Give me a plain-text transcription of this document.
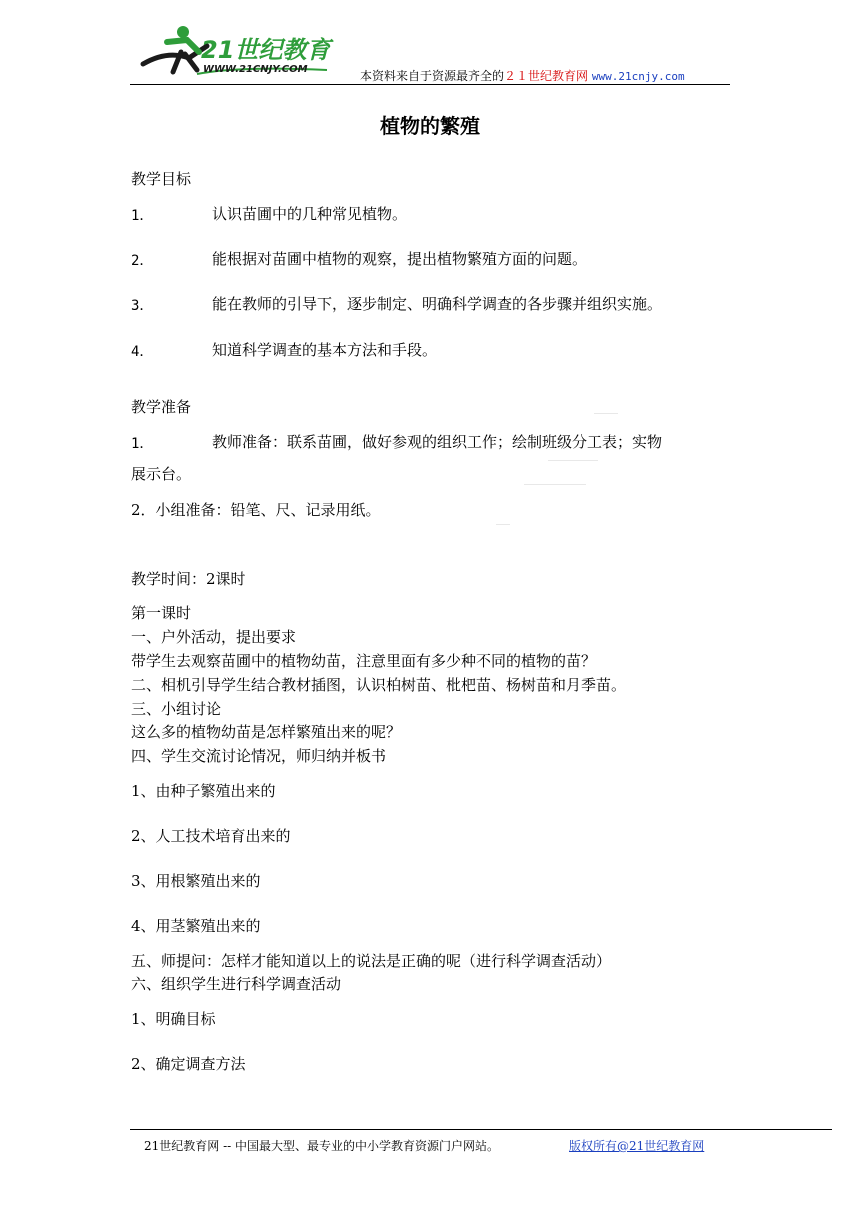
21世纪教育
WWW.21CNJY.COM	本资料来自于资源最齐全的２１世纪教育网 www.21cnjy.com
植物的繁殖
教学目标
1．	认识苗圃中的几种常见植物。
2．	能根据对苗圃中植物的观察，提出植物繁殖方面的问题。
3．	能在教师的引导下，逐步制定、明确科学调查的各步骤并组织实施。
4．	知道科学调查的基本方法和手段。
教学准备
1．	教师准备：联系苗圃，做好参观的组织工作；绘制班级分工表；实物
展示台。
2．小组准备：铅笔、尺、记录用纸。
教学时间：2课时
第一课时
一、户外活动，提出要求
带学生去观察苗圃中的植物幼苗，注意里面有多少种不同的植物的苗？
二、相机引导学生结合教材插图，认识柏树苗、枇杷苗、杨树苗和月季苗。
三、小组讨论
这么多的植物幼苗是怎样繁殖出来的呢？
四、学生交流讨论情况，师归纳并板书
1、由种子繁殖出来的
2、人工技术培育出来的
3、用根繁殖出来的
4、用茎繁殖出来的
五、师提问：怎样才能知道以上的说法是正确的呢（进行科学调查活动）
六、组织学生进行科学调查活动
1、明确目标
2、确定调查方法
21世纪教育网 -- 中国最大型、最专业的中小学教育资源门户网站。	版权所有@21世纪教育网
